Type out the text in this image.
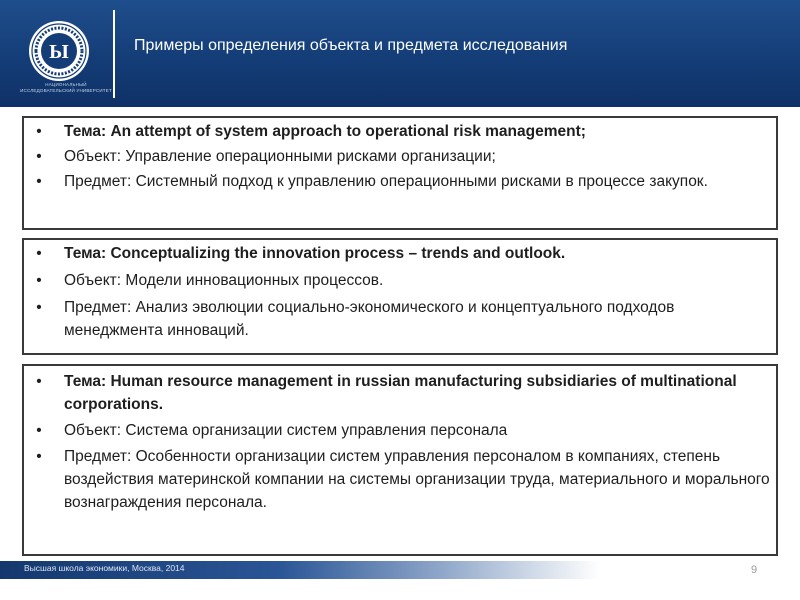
Ы
НАЦИОНАЛЬНЫЙ ИССЛЕДОВАТЕЛЬСКИЙ УНИВЕРСИТЕТ
Примеры определения объекта и предмета исследования
• Тема: An attempt of system approach to operational risk management;
• Объект: Управление операционными рисками организации;
• Предмет: Системный подход к управлению операционными рисками в процессе закупок.
• Тема: Conceptualizing the innovation process – trends and outlook.
• Объект: Модели инновационных процессов.
• Предмет: Анализ эволюции социально-экономического и концептуального подходов менеджмента инноваций.
• Тема: Human resource management in russian manufacturing subsidiaries of multinational corporations.
• Объект: Система организации систем управления персонала
• Предмет: Особенности организации систем управления персоналом в компаниях, степень воздействия материнской компании на системы организации труда, материального и морального вознаграждения персонала.
Высшая школа экономики, Москва, 2014	9
